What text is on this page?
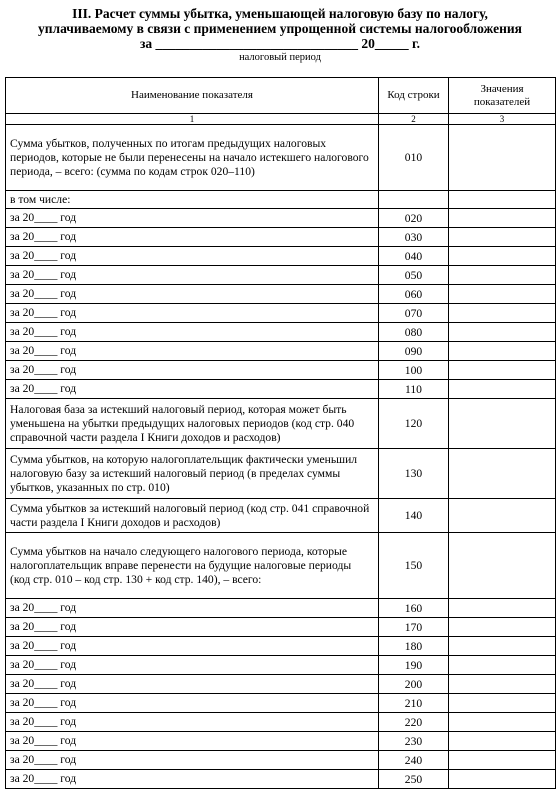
III. Расчет суммы убытка, уменьшающей налоговую базу по налогу,
уплачиваемому в связи с применением упрощенной системы налогообложения
за ______________________________ 20_____ г.
налоговый период
Наименование показателя	Код строки	Значения показателей
1	2	3
Сумма убытков, полученных по итогам предыдущих налоговых периодов, которые не были перенесены на начало истекшего налогового периода, – всего: (сумма по кодам строк 020–110)	010	
в том числе:		
за 20____ год	020	
за 20____ год	030	
за 20____ год	040	
за 20____ год	050	
за 20____ год	060	
за 20____ год	070	
за 20____ год	080	
за 20____ год	090	
за 20____ год	100	
за 20____ год	110	
Налоговая база за истекший налоговый период, которая может быть уменьшена на убытки предыдущих налоговых периодов (код стр. 040 справочной части раздела I Книги доходов и расходов)	120	
Сумма убытков, на которую налогоплательщик фактически уменьшил налоговую базу за истекший налоговый период (в пределах суммы убытков, указанных по стр. 010)	130	
Сумма убытков за истекший налоговый период (код стр. 041 справочной части раздела I Книги доходов и расходов)	140	
Сумма убытков на начало следующего налогового периода, которые налогоплательщик вправе перенести на будущие налоговые периоды (код стр. 010 – код стр. 130 + код стр. 140), – всего:	150	
за 20____ год	160	
за 20____ год	170	
за 20____ год	180	
за 20____ год	190	
за 20____ год	200	
за 20____ год	210	
за 20____ год	220	
за 20____ год	230	
за 20____ год	240	
за 20____ год	250	
